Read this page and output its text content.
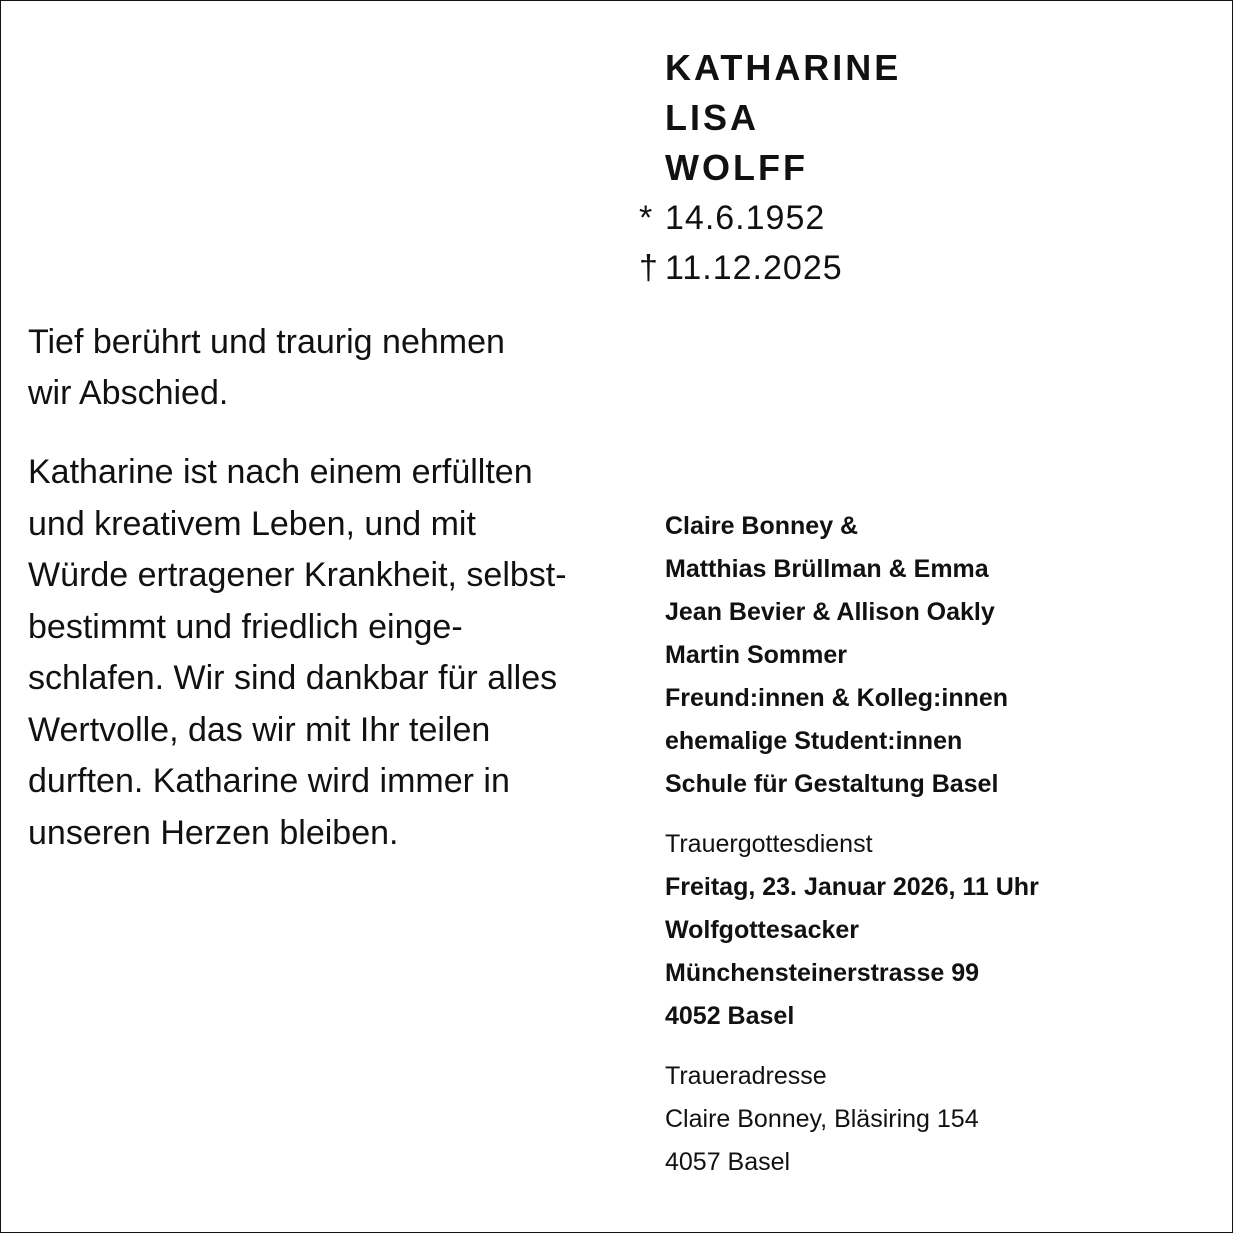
KATHARINE
LISA
WOLFF
* 14.6.1952
† 11.12.2025

Tief berührt und traurig nehmen

wir Abschied.

Katharine ist nach einem erfüllten

und kreativem Leben, und mit

Würde ertragener Krankheit, selbst-

bestimmt und friedlich einge-

schlafen. Wir sind dankbar für alles

Wertvolle, das wir mit Ihr teilen

durften. Katharine wird immer in

unseren Herzen bleiben.

Claire Bonney &
Matthias Brüllman & Emma
Jean Bevier & Allison Oakly
Martin Sommer
Freund:innen & Kolleg:innen
ehemalige Student:innen
Schule für Gestaltung Basel
Trauergottesdienst
Freitag, 23. Januar 2026, 11 Uhr
Wolfgottesacker
Münchensteinerstrasse 99
4052 Basel
Traueradresse
Claire Bonney, Bläsiring 154
4057 Basel
